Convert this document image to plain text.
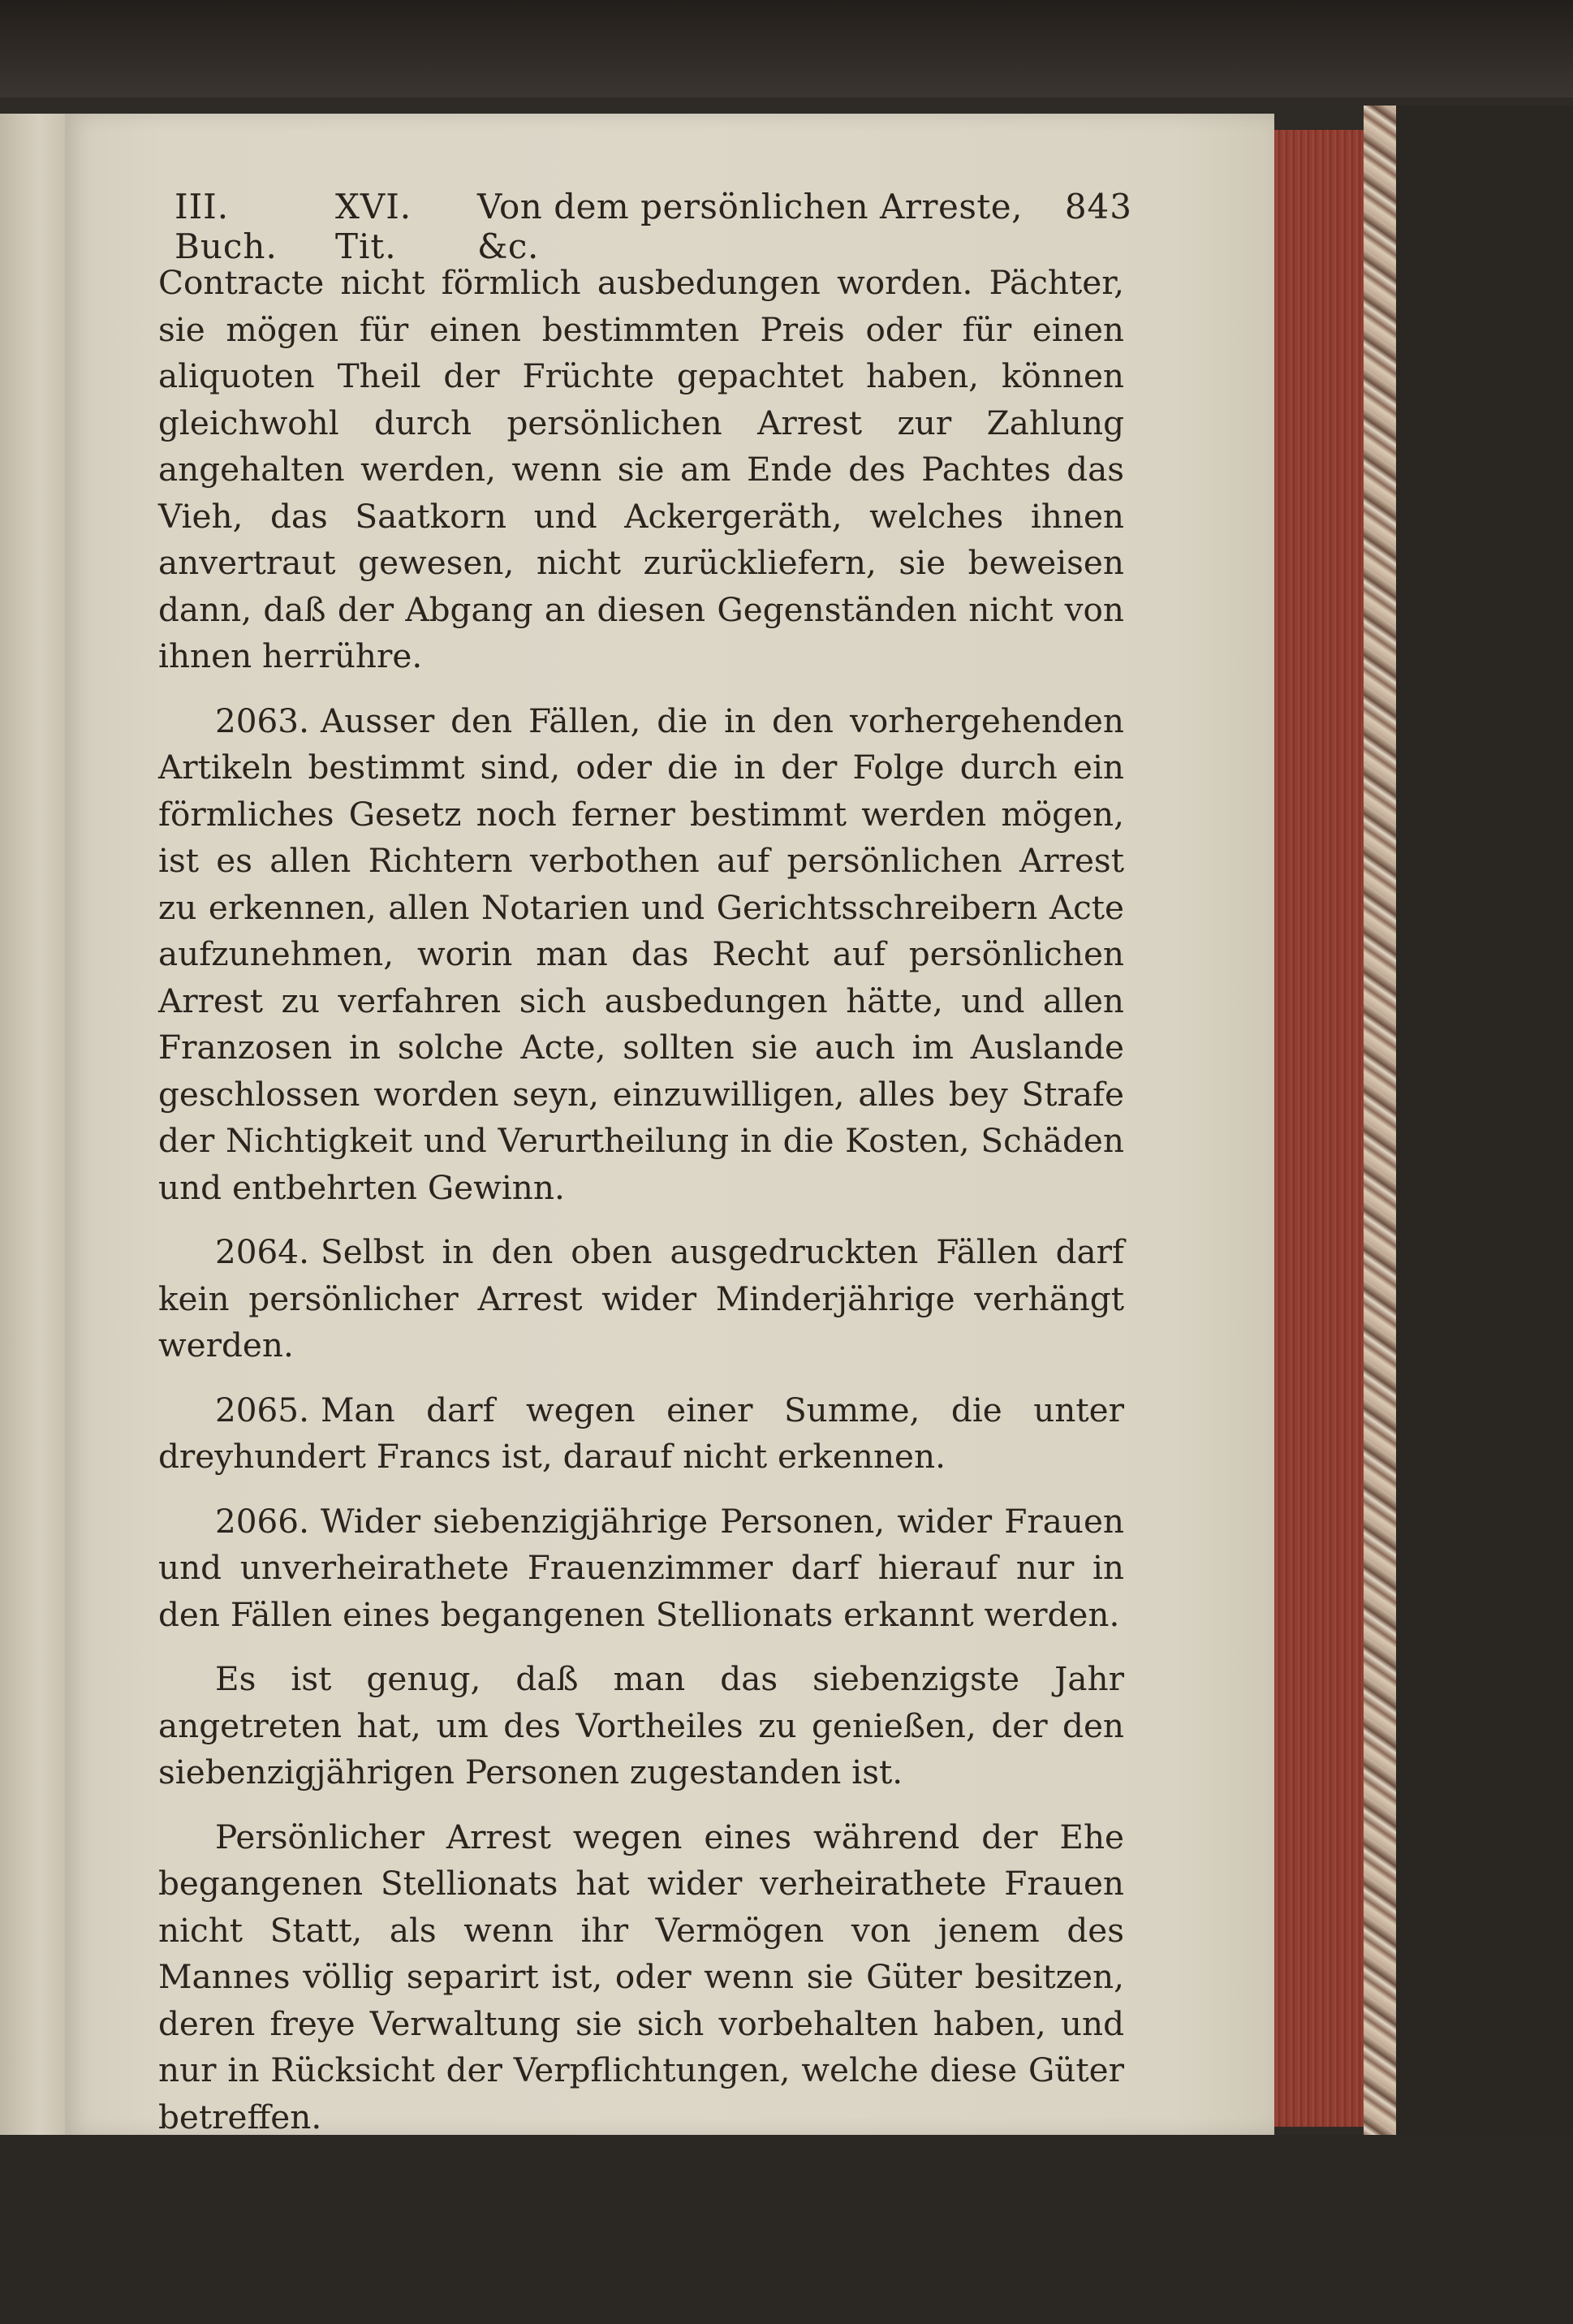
III. Buch.
XVI. Tit.
Von dem persönlichen Arreste, &c.
843

Contracte nicht förmlich ausbedungen worden. Pächter, sie mögen für einen bestimmten Preis oder für einen aliquoten Theil der Früchte gepachtet haben, können gleichwohl durch persönlichen Arrest zur Zahlung angehalten werden, wenn sie am Ende des Pachtes das Vieh, das Saatkorn und Ackergeräth, welches ihnen anvertraut gewesen, nicht zurückliefern, sie beweisen dann, daß der Abgang an diesen Gegenständen nicht von ihnen herrühre.

2063. Ausser den Fällen, die in den vorhergehenden Artikeln bestimmt sind, oder die in der Folge durch ein förmliches Gesetz noch ferner bestimmt werden mögen, ist es allen Richtern verbothen auf persönlichen Arrest zu erkennen, allen Notarien und Gerichtsschreibern Acte aufzunehmen, worin man das Recht auf persönlichen Arrest zu verfahren sich ausbedungen hätte, und allen Franzosen in solche Acte, sollten sie auch im Auslande geschlossen worden seyn, einzuwilligen, alles bey Strafe der Nichtigkeit und Verurtheilung in die Kosten, Schäden und entbehrten Gewinn.

2064. Selbst in den oben ausgedruckten Fällen darf kein persönlicher Arrest wider Minderjährige verhängt werden.

2065. Man darf wegen einer Summe, die unter dreyhundert Francs ist, darauf nicht erkennen.

2066. Wider siebenzigjährige Personen, wider Frauen und unverheirathete Frauenzimmer darf hierauf nur in den Fällen eines begangenen Stellionats erkannt werden.

Es ist genug, daß man das siebenzigste Jahr angetreten hat, um des Vortheiles zu genießen, der den siebenzigjährigen Personen zugestanden ist.

Persönlicher Arrest wegen eines während der Ehe begangenen Stellionats hat wider verheirathete Frauen nicht Statt, als wenn ihr Vermögen von jenem des Mannes völlig separirt ist, oder wenn sie Güter besitzen, deren freye Verwaltung sie sich vorbehalten haben, und nur in Rücksicht der Verpflichtungen, welche diese Güter betreffen.
